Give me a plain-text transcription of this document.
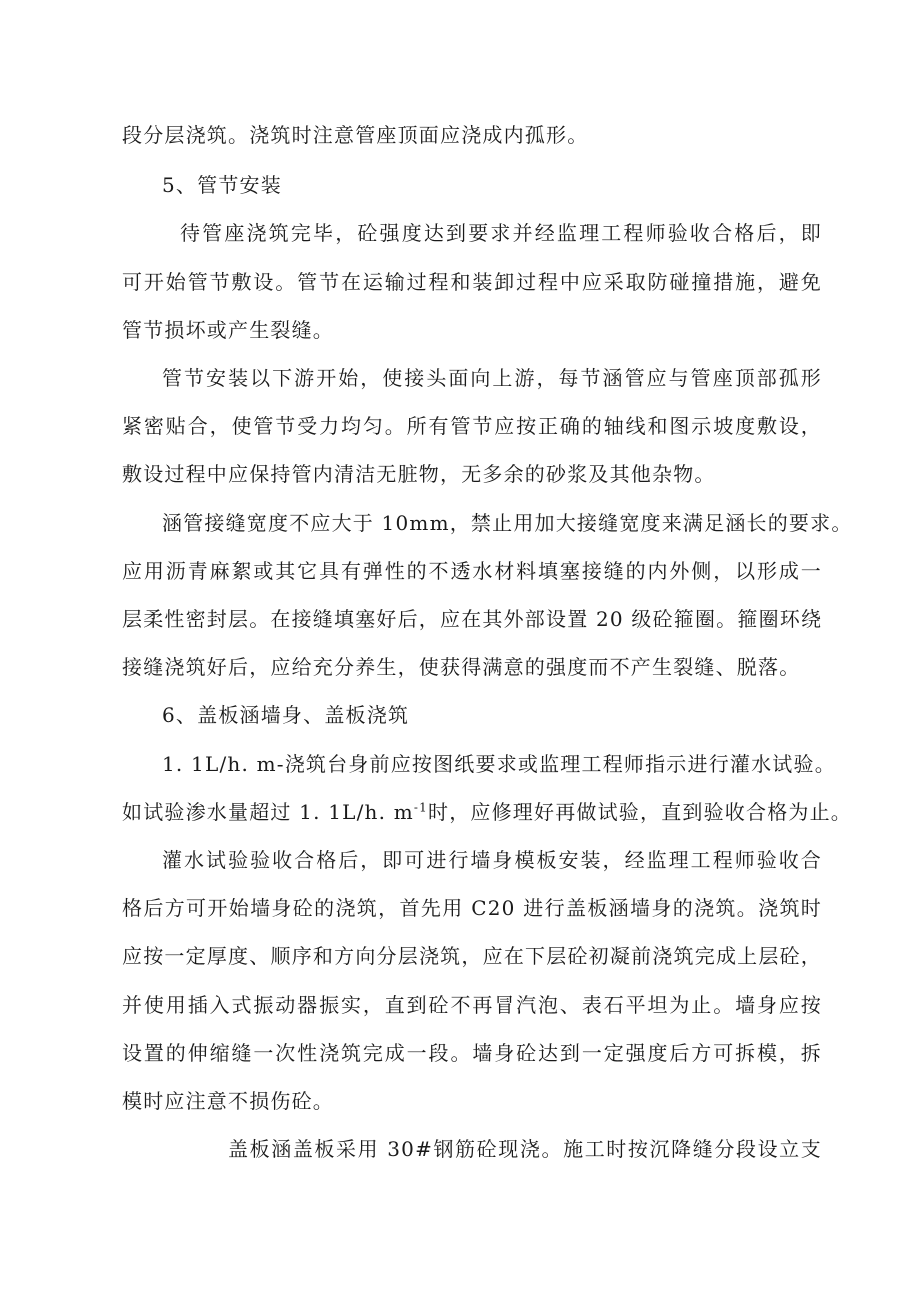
段分层浇筑。浇筑时注意管座顶面应浇成内孤形。
5、管节安装
待管座浇筑完毕，砼强度达到要求并经监理工程师验收合格后，即
可开始管节敷设。管节在运输过程和装卸过程中应采取防碰撞措施，避免
管节损坏或产生裂缝。
管节安装以下游开始，使接头面向上游，每节涵管应与管座顶部孤形
紧密贴合，使管节受力均匀。所有管节应按正确的轴线和图示坡度敷设，
敷设过程中应保持管内清洁无脏物，无多余的砂浆及其他杂物。
涵管接缝宽度不应大于 10mm，禁止用加大接缝宽度来满足涵长的要求。
应用沥青麻絮或其它具有弹性的不透水材料填塞接缝的内外侧，以形成一
层柔性密封层。在接缝填塞好后，应在其外部设置 20 级砼箍圈。箍圈环绕
接缝浇筑好后，应给充分养生，使获得满意的强度而不产生裂缝、脱落。
6、盖板涵墙身、盖板浇筑
1. 1L/h. m-浇筑台身前应按图纸要求或监理工程师指示进行灌水试验。
如试验渗水量超过 1. 1L/h. $m^{-1}$时，应修理好再做试验，直到验收合格为止。
灌水试验验收合格后，即可进行墙身模板安装，经监理工程师验收合
格后方可开始墙身砼的浇筑，首先用 C20 进行盖板涵墙身的浇筑。浇筑时
应按一定厚度、顺序和方向分层浇筑，应在下层砼初凝前浇筑完成上层砼，
并使用插入式振动器振实，直到砼不再冒汽泡、表石平坦为止。墙身应按
设置的伸缩缝一次性浇筑完成一段。墙身砼达到一定强度后方可拆模，拆
模时应注意不损伤砼。
盖板涵盖板采用 30#钢筋砼现浇。施工时按沉降缝分段设立支
